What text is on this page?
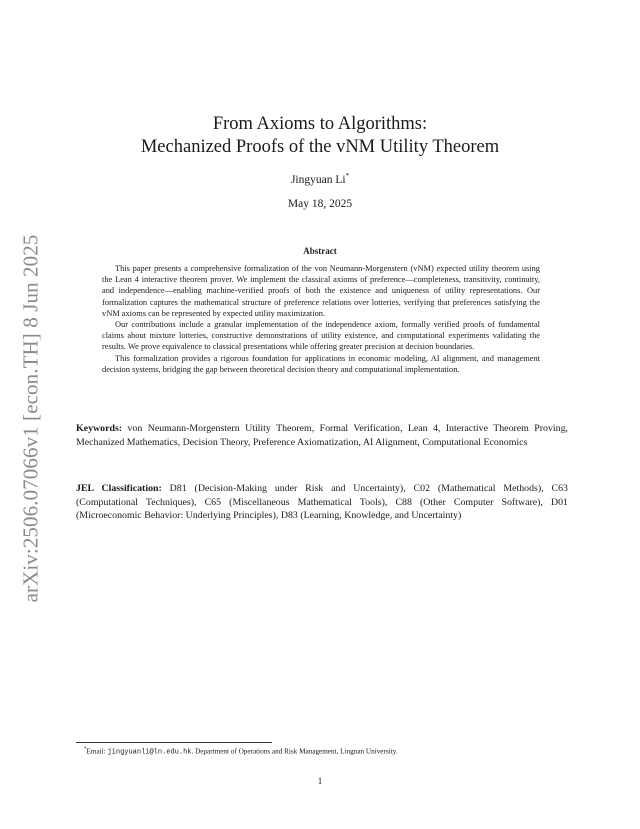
arXiv:2506.07066v1 [econ.TH] 8 Jun 2025
From Axioms to Algorithms:
Mechanized Proofs of the vNM Utility Theorem
Jingyuan Li*
May 18, 2025
Abstract

This paper presents a comprehensive formalization of the von Neumann-Morgenstern (vNM) expected utility theorem using the Lean 4 interactive theorem prover. We implement the classical axioms of preference—completeness, transitivity, continuity, and independence—enabling machine-verified proofs of both the existence and uniqueness of utility representations. Our formalization captures the mathematical structure of preference relations over lotteries, verifying that preferences satisfying the vNM axioms can be represented by expected utility maximization.

Our contributions include a granular implementation of the independence axiom, formally verified proofs of fundamental claims about mixture lotteries, constructive demonstrations of utility existence, and computational experiments validating the results. We prove equivalence to classical presentations while offering greater precision at decision boundaries.

This formalization provides a rigorous foundation for applications in economic modeling, AI alignment, and management decision systems, bridging the gap between theoretical decision theory and computational implementation.

Keywords: von Neumann-Morgenstern Utility Theorem, Formal Verification, Lean 4, Interactive Theorem Proving, Mechanized Mathematics, Decision Theory, Preference Axiomatization, AI Alignment, Computational Economics
JEL Classification: D81 (Decision-Making under Risk and Uncertainty), C02 (Mathematical Methods), C63 (Computational Techniques), C65 (Miscellaneous Mathematical Tools), C88 (Other Computer Software), D01 (Microeconomic Behavior: Underlying Principles), D83 (Learning, Knowledge, and Uncertainty)
*Email: jingyuanli@ln.edu.hk. Department of Operations and Risk Management, Lingnan University.
1
